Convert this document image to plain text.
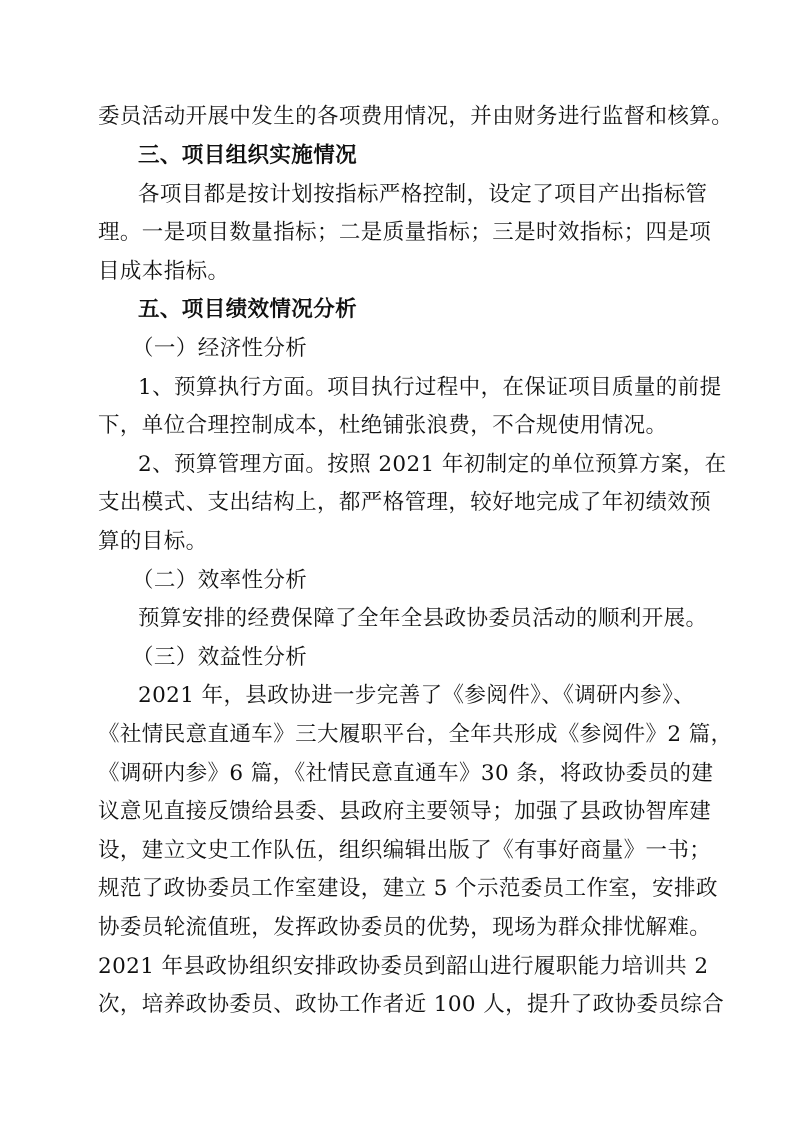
委员活动开展中发生的各项费用情况，并由财务进行监督和核算。
三、项目组织实施情况
各项目都是按计划按指标严格控制，设定了项目产出指标管
理。一是项目数量指标；二是质量指标；三是时效指标；四是项
目成本指标。
五、项目绩效情况分析
（一）经济性分析
1、预算执行方面。项目执行过程中，在保证项目质量的前提
下，单位合理控制成本，杜绝铺张浪费，不合规使用情况。
2、预算管理方面。按照 2021 年初制定的单位预算方案，在
支出模式、支出结构上，都严格管理，较好地完成了年初绩效预
算的目标。
（二）效率性分析
预算安排的经费保障了全年全县政协委员活动的顺利开展。
（三）效益性分析
2021 年，县政协进一步完善了《参阅件》、《调研内参》、
《社情民意直通车》三大履职平台，全年共形成《参阅件》2 篇，
《调研内参》6 篇，《社情民意直通车》30 条，将政协委员的建
议意见直接反馈给县委、县政府主要领导；加强了县政协智库建
设，建立文史工作队伍，组织编辑出版了《有事好商量》一书；
规范了政协委员工作室建设，建立 5 个示范委员工作室，安排政
协委员轮流值班，发挥政协委员的优势，现场为群众排忧解难。
2021 年县政协组织安排政协委员到韶山进行履职能力培训共 2
次，培养政协委员、政协工作者近 100 人，提升了政协委员综合
